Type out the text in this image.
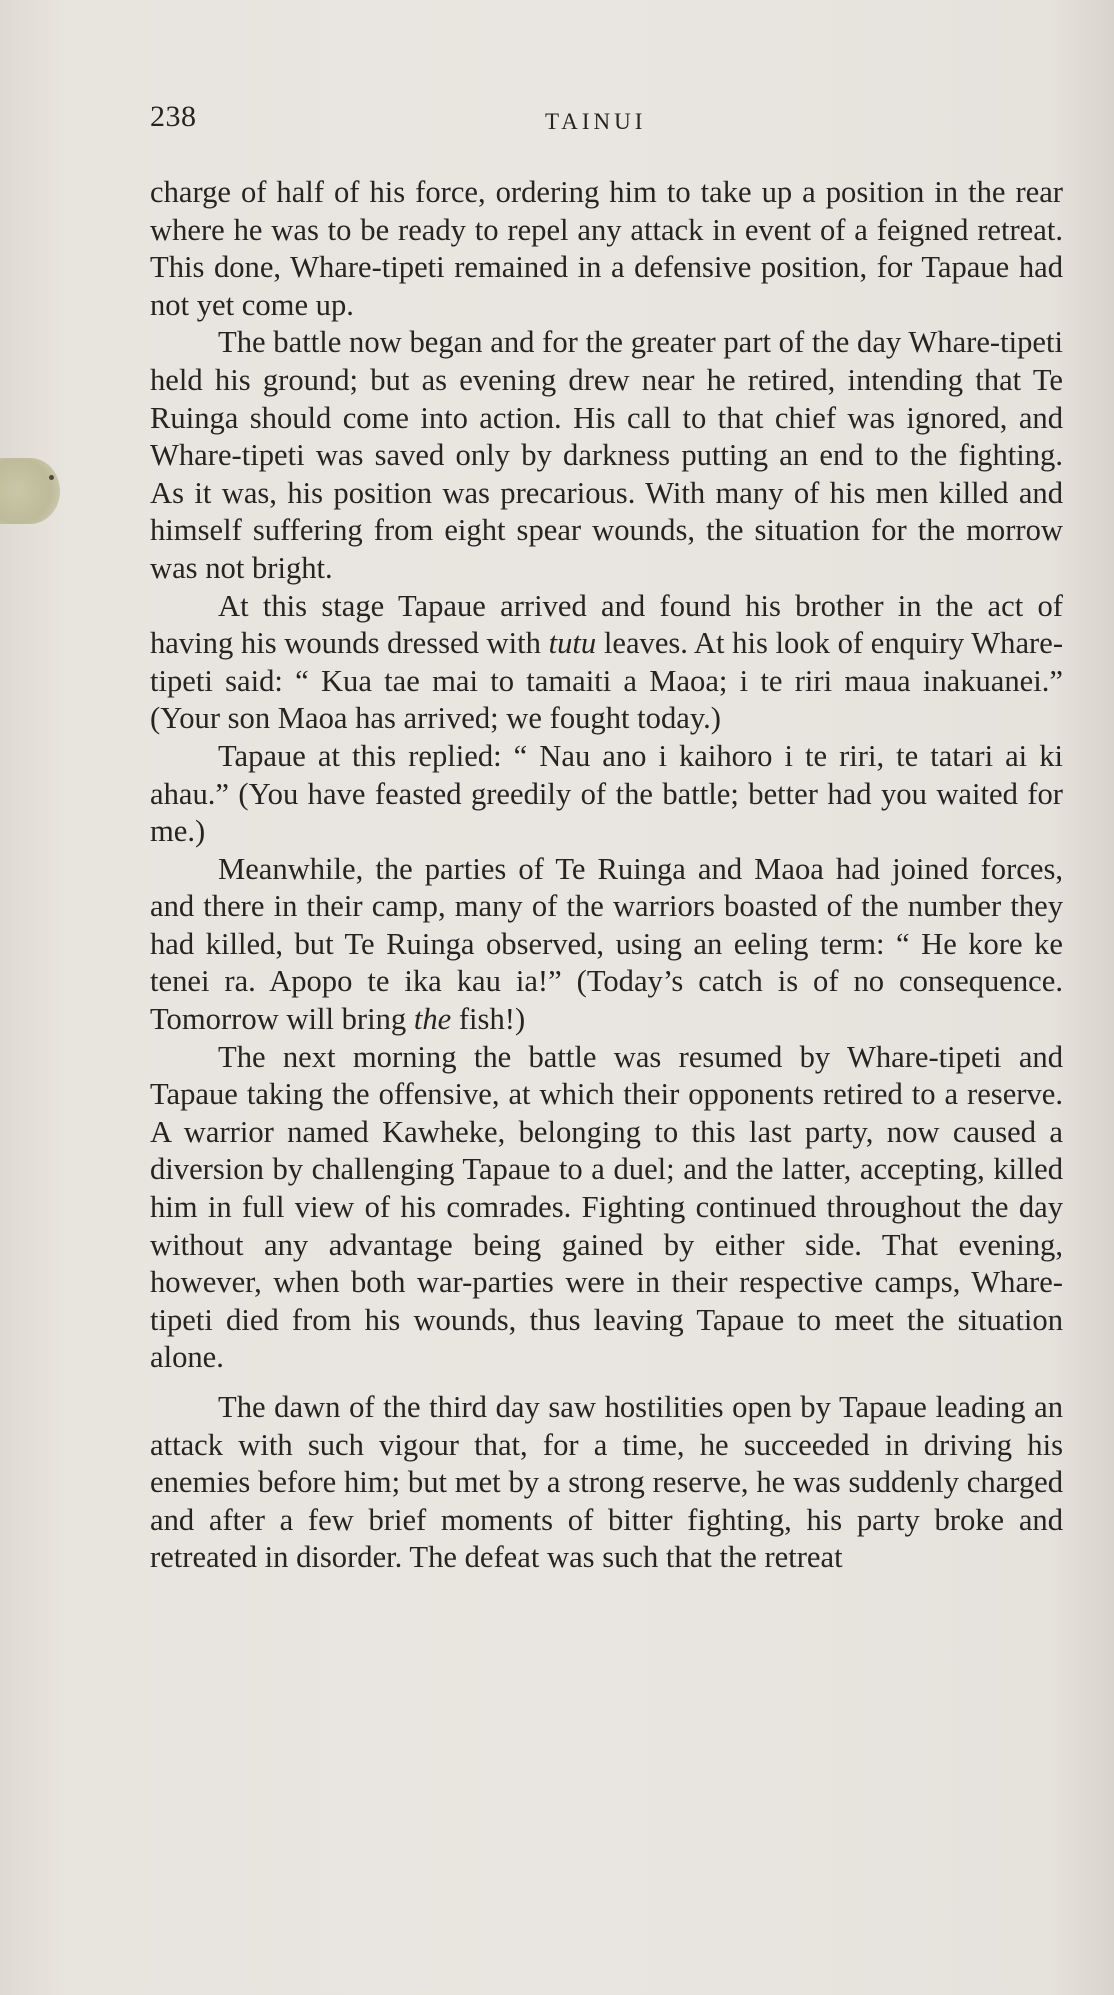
238	TAINUI

charge of half of his force, ordering him to take up a position in the rear where he was to be ready to repel any attack in event of a feigned retreat. This done, Whare-tipeti remained in a defensive position, for Tapaue had not yet come up.

The battle now began and for the greater part of the day Whare-tipeti held his ground; but as evening drew near he retired, intending that Te Ruinga should come into action. His call to that chief was ignored, and Whare-tipeti was saved only by darkness putting an end to the fighting. As it was, his position was precarious. With many of his men killed and himself suffering from eight spear wounds, the situation for the morrow was not bright.

At this stage Tapaue arrived and found his brother in the act of having his wounds dressed with tutu leaves. At his look of enquiry Whare-tipeti said: “ Kua tae mai to tamaiti a Maoa; i te riri maua inakuanei.” (Your son Maoa has arrived; we fought today.)

Tapaue at this replied: “ Nau ano i kaihoro i te riri, te tatari ai ki ahau.” (You have feasted greedily of the battle; better had you waited for me.)

Meanwhile, the parties of Te Ruinga and Maoa had joined forces, and there in their camp, many of the warriors boasted of the number they had killed, but Te Ruinga observed, using an eeling term: “ He kore ke tenei ra. Apopo te ika kau ia!” (Today’s catch is of no consequence. Tomorrow will bring the fish!)

The next morning the battle was resumed by Whare-tipeti and Tapaue taking the offensive, at which their opponents retired to a reserve. A warrior named Kawheke, belonging to this last party, now caused a diversion by challenging Tapaue to a duel; and the latter, accepting, killed him in full view of his comrades. Fighting continued throughout the day without any advantage being gained by either side. That evening, however, when both war-parties were in their respective camps, Whare-tipeti died from his wounds, thus leaving Tapaue to meet the situation alone.

The dawn of the third day saw hostilities open by Tapaue leading an attack with such vigour that, for a time, he succeeded in driving his enemies before him; but met by a strong reserve, he was suddenly charged and after a few brief moments of bitter fighting, his party broke and retreated in disorder. The defeat was such that the retreat
